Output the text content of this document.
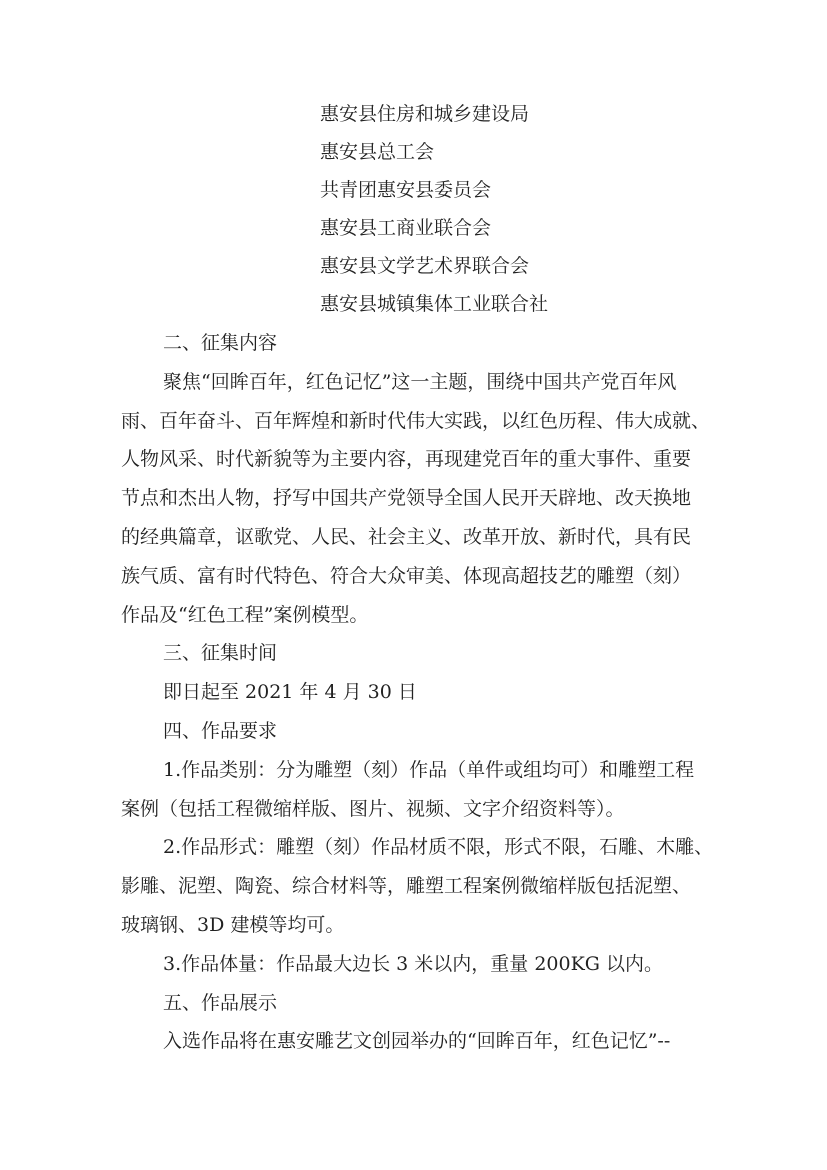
惠安县住房和城乡建设局
惠安县总工会
共青团惠安县委员会
惠安县工商业联合会
惠安县文学艺术界联合会
惠安县城镇集体工业联合社
二、征集内容
聚焦“回眸百年，红色记忆”这一主题，围绕中国共产党百年风
雨、百年奋斗、百年辉煌和新时代伟大实践，以红色历程、伟大成就、
人物风采、时代新貌等为主要内容，再现建党百年的重大事件、重要
节点和杰出人物，抒写中国共产党领导全国人民开天辟地、改天换地
的经典篇章，讴歌党、人民、社会主义、改革开放、新时代，具有民
族气质、富有时代特色、符合大众审美、体现高超技艺的雕塑（刻）
作品及“红色工程”案例模型。
三、征集时间
即日起至 2021 年 4 月 30 日
四、作品要求
1.作品类别：分为雕塑（刻）作品（单件或组均可）和雕塑工程
案例（包括工程微缩样版、图片、视频、文字介绍资料等）。
2.作品形式：雕塑（刻）作品材质不限，形式不限，石雕、木雕、
影雕、泥塑、陶瓷、综合材料等，雕塑工程案例微缩样版包括泥塑、
玻璃钢、3D 建模等均可。
3.作品体量：作品最大边长 3 米以内，重量 200KG 以内。
五、作品展示
入选作品将在惠安雕艺文创园举办的“回眸百年，红色记忆”--
